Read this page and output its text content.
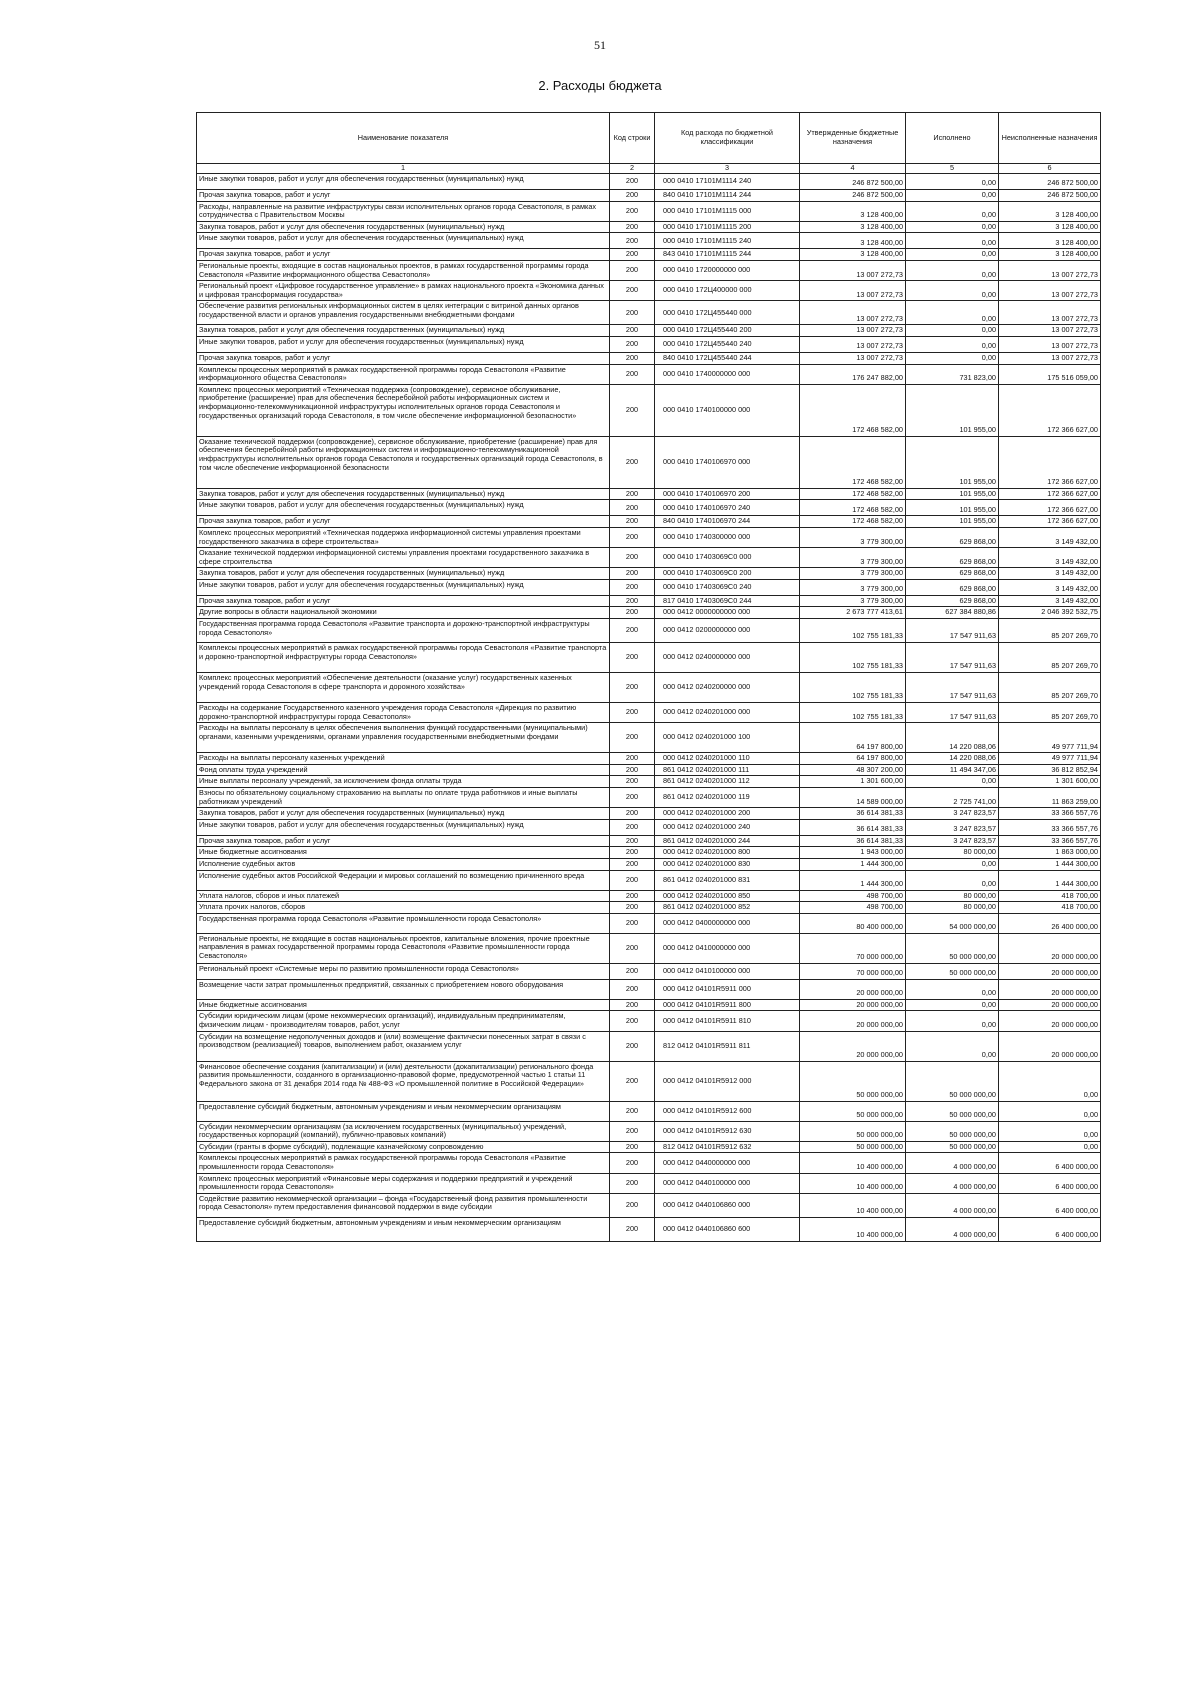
51
2. Расходы бюджета
Наименование показателя	Код строки	Код расхода по бюджетной классификации	Утвержденные бюджетные назначения	Исполнено	Неисполненные назначения
1	2	3	4	5	6
Иные закупки товаров, работ и услуг для обеспечения государственных (муниципальных) нужд	200	000 0410 17101М1114 240	246 872 500,00	0,00	246 872 500,00
Прочая закупка товаров, работ и услуг	200	840 0410 17101М1114 244	246 872 500,00	0,00	246 872 500,00
Расходы, направленные на развитие инфраструктуры связи исполнительных органов города Севастополя, в рамках сотрудничества с Правительством Москвы	200	000 0410 17101М1115 000	3 128 400,00	0,00	3 128 400,00
Закупка товаров, работ и услуг для обеспечения государственных (муниципальных) нужд	200	000 0410 17101М1115 200	3 128 400,00	0,00	3 128 400,00
Иные закупки товаров, работ и услуг для обеспечения государственных (муниципальных) нужд	200	000 0410 17101М1115 240	3 128 400,00	0,00	3 128 400,00
Прочая закупка товаров, работ и услуг	200	843 0410 17101М1115 244	3 128 400,00	0,00	3 128 400,00
Региональные проекты, входящие в состав национальных проектов, в рамках государственной программы города Севастополя «Развитие информационного общества Севастополя»	200	000 0410 1720000000 000	13 007 272,73	0,00	13 007 272,73
Региональный проект «Цифровое государственное управление» в рамках национального проекта «Экономика данных и цифровая трансформация государства»	200	000 0410 172Ц400000 000	13 007 272,73	0,00	13 007 272,73
Обеспечение развития региональных информационных систем в целях интеграции с витриной данных органов государственной власти и органов управления государственными внебюджетными фондами	200	000 0410 172Ц455440 000	13 007 272,73	0,00	13 007 272,73
Закупка товаров, работ и услуг для обеспечения государственных (муниципальных) нужд	200	000 0410 172Ц455440 200	13 007 272,73	0,00	13 007 272,73
Иные закупки товаров, работ и услуг для обеспечения государственных (муниципальных) нужд	200	000 0410 172Ц455440 240	13 007 272,73	0,00	13 007 272,73
Прочая закупка товаров, работ и услуг	200	840 0410 172Ц455440 244	13 007 272,73	0,00	13 007 272,73
Комплексы процессных мероприятий в рамках государственной программы города Севастополя «Развитие информационного общества Севастополя»	200	000 0410 1740000000 000	176 247 882,00	731 823,00	175 516 059,00
Комплекс процессных мероприятий «Техническая поддержка (сопровождение), сервисное обслуживание, приобретение (расширение) прав для обеспечения бесперебойной работы информационных систем и информационно-телекоммуникационной инфраструктуры исполнительных органов города Севастополя и государственных организаций города Севастополя, в том числе обеспечение информационной безопасности»	200	000 0410 1740100000 000	172 468 582,00	101 955,00	172 366 627,00
Оказание технической поддержки (сопровождение), сервисное обслуживание, приобретение (расширение) прав для обеспечения бесперебойной работы информационных систем и информационно-телекоммуникационной инфраструктуры исполнительных органов города Севастополя и государственных организаций города Севастополя, в том числе обеспечение информационной безопасности	200	000 0410 1740106970 000	172 468 582,00	101 955,00	172 366 627,00
Закупка товаров, работ и услуг для обеспечения государственных (муниципальных) нужд	200	000 0410 1740106970 200	172 468 582,00	101 955,00	172 366 627,00
Иные закупки товаров, работ и услуг для обеспечения государственных (муниципальных) нужд	200	000 0410 1740106970 240	172 468 582,00	101 955,00	172 366 627,00
Прочая закупка товаров, работ и услуг	200	840 0410 1740106970 244	172 468 582,00	101 955,00	172 366 627,00
Комплекс процессных мероприятий «Техническая поддержка информационной системы управления проектами государственного заказчика в сфере строительства»	200	000 0410 1740300000 000	3 779 300,00	629 868,00	3 149 432,00
Оказание технической поддержки информационной системы управления проектами государственного заказчика в сфере строительства	200	000 0410 17403069С0 000	3 779 300,00	629 868,00	3 149 432,00
Закупка товаров, работ и услуг для обеспечения государственных (муниципальных) нужд	200	000 0410 17403069С0 200	3 779 300,00	629 868,00	3 149 432,00
Иные закупки товаров, работ и услуг для обеспечения государственных (муниципальных) нужд	200	000 0410 17403069С0 240	3 779 300,00	629 868,00	3 149 432,00
Прочая закупка товаров, работ и услуг	200	817 0410 17403069С0 244	3 779 300,00	629 868,00	3 149 432,00
Другие вопросы в области национальной экономики	200	000 0412 0000000000 000	2 673 777 413,61	627 384 880,86	2 046 392 532,75
Государственная программа города Севастополя «Развитие транспорта и дорожно-транспортной инфраструктуры города Севастополя»	200	000 0412 0200000000 000	102 755 181,33	17 547 911,63	85 207 269,70
Комплексы процессных мероприятий в рамках государственной программы города Севастополя «Развитие транспорта и дорожно-транспортной инфраструктуры города Севастополя»	200	000 0412 0240000000 000	102 755 181,33	17 547 911,63	85 207 269,70
Комплекс процессных мероприятий «Обеспечение деятельности (оказание услуг) государственных казенных учреждений города Севастополя в сфере транспорта и дорожного хозяйства»	200	000 0412 0240200000 000	102 755 181,33	17 547 911,63	85 207 269,70
Расходы на содержание Государственного казенного учреждения города Севастополя «Дирекция по развитию дорожно-транспортной инфраструктуры города Севастополя»	200	000 0412 0240201000 000	102 755 181,33	17 547 911,63	85 207 269,70
Расходы на выплаты персоналу в целях обеспечения выполнения функций государственными (муниципальными) органами, казенными учреждениями, органами управления государственными внебюджетными фондами	200	000 0412 0240201000 100	64 197 800,00	14 220 088,06	49 977 711,94
Расходы на выплаты персоналу казенных учреждений	200	000 0412 0240201000 110	64 197 800,00	14 220 088,06	49 977 711,94
Фонд оплаты труда учреждений	200	861 0412 0240201000 111	48 307 200,00	11 494 347,06	36 812 852,94
Иные выплаты персоналу учреждений, за исключением фонда оплаты труда	200	861 0412 0240201000 112	1 301 600,00	0,00	1 301 600,00
Взносы по обязательному социальному страхованию на выплаты по оплате труда работников и иные выплаты работникам учреждений	200	861 0412 0240201000 119	14 589 000,00	2 725 741,00	11 863 259,00
Закупка товаров, работ и услуг для обеспечения государственных (муниципальных) нужд	200	000 0412 0240201000 200	36 614 381,33	3 247 823,57	33 366 557,76
Иные закупки товаров, работ и услуг для обеспечения государственных (муниципальных) нужд	200	000 0412 0240201000 240	36 614 381,33	3 247 823,57	33 366 557,76
Прочая закупка товаров, работ и услуг	200	861 0412 0240201000 244	36 614 381,33	3 247 823,57	33 366 557,76
Иные бюджетные ассигнования	200	000 0412 0240201000 800	1 943 000,00	80 000,00	1 863 000,00
Исполнение судебных актов	200	000 0412 0240201000 830	1 444 300,00	0,00	1 444 300,00
Исполнение судебных актов Российской Федерации и мировых соглашений по возмещению причиненного вреда	200	861 0412 0240201000 831	1 444 300,00	0,00	1 444 300,00
Уплата налогов, сборов и иных платежей	200	000 0412 0240201000 850	498 700,00	80 000,00	418 700,00
Уплата прочих налогов, сборов	200	861 0412 0240201000 852	498 700,00	80 000,00	418 700,00
Государственная программа города Севастополя «Развитие промышленности города Севастополя»	200	000 0412 0400000000 000	80 400 000,00	54 000 000,00	26 400 000,00
Региональные проекты, не входящие в состав национальных проектов, капитальные вложения, прочие проектные направления в рамках государственной программы города Севастополя «Развитие промышленности города Севастополя»	200	000 0412 0410000000 000	70 000 000,00	50 000 000,00	20 000 000,00
Региональный проект «Системные меры по развитию промышленности города Севастополя»	200	000 0412 0410100000 000	70 000 000,00	50 000 000,00	20 000 000,00
Возмещение части затрат промышленных предприятий, связанных с приобретением нового оборудования	200	000 0412 04101R5911 000	20 000 000,00	0,00	20 000 000,00
Иные бюджетные ассигнования	200	000 0412 04101R5911 800	20 000 000,00	0,00	20 000 000,00
Субсидии юридическим лицам (кроме некоммерческих организаций), индивидуальным предпринимателям, физическим лицам - производителям товаров, работ, услуг	200	000 0412 04101R5911 810	20 000 000,00	0,00	20 000 000,00
Субсидии на возмещение недополученных доходов и (или) возмещение фактически понесенных затрат в связи с производством (реализацией) товаров, выполнением работ, оказанием услуг	200	812 0412 04101R5911 811	20 000 000,00	0,00	20 000 000,00
Финансовое обеспечение создания (капитализации) и (или) деятельности (докапитализации) регионального фонда развития промышленности, созданного в организационно-правовой форме, предусмотренной частью 1 статьи 11 Федерального закона от 31 декабря 2014 года № 488-ФЗ «О промышленной политике в Российской Федерации»	200	000 0412 04101R5912 000	50 000 000,00	50 000 000,00	0,00
Предоставление субсидий бюджетным, автономным учреждениям и иным некоммерческим организациям	200	000 0412 04101R5912 600	50 000 000,00	50 000 000,00	0,00
Субсидии некоммерческим организациям (за исключением государственных (муниципальных) учреждений, государственных корпораций (компаний), публично-правовых компаний)	200	000 0412 04101R5912 630	50 000 000,00	50 000 000,00	0,00
Субсидии (гранты в форме субсидий), подлежащие казначейскому сопровождению	200	812 0412 04101R5912 632	50 000 000,00	50 000 000,00	0,00
Комплексы процессных мероприятий в рамках государственной программы города Севастополя «Развитие промышленности города Севастополя»	200	000 0412 0440000000 000	10 400 000,00	4 000 000,00	6 400 000,00
Комплекс процессных мероприятий «Финансовые меры содержания и поддержки предприятий и учреждений промышленности города Севастополя»	200	000 0412 0440100000 000	10 400 000,00	4 000 000,00	6 400 000,00
Содействие развитию некоммерческой организации – фонда «Государственный фонд развития промышленности города Севастополя» путем предоставления финансовой поддержки в виде субсидии	200	000 0412 0440106860 000	10 400 000,00	4 000 000,00	6 400 000,00
Предоставление субсидий бюджетным, автономным учреждениям и иным некоммерческим организациям	200	000 0412 0440106860 600	10 400 000,00	4 000 000,00	6 400 000,00
